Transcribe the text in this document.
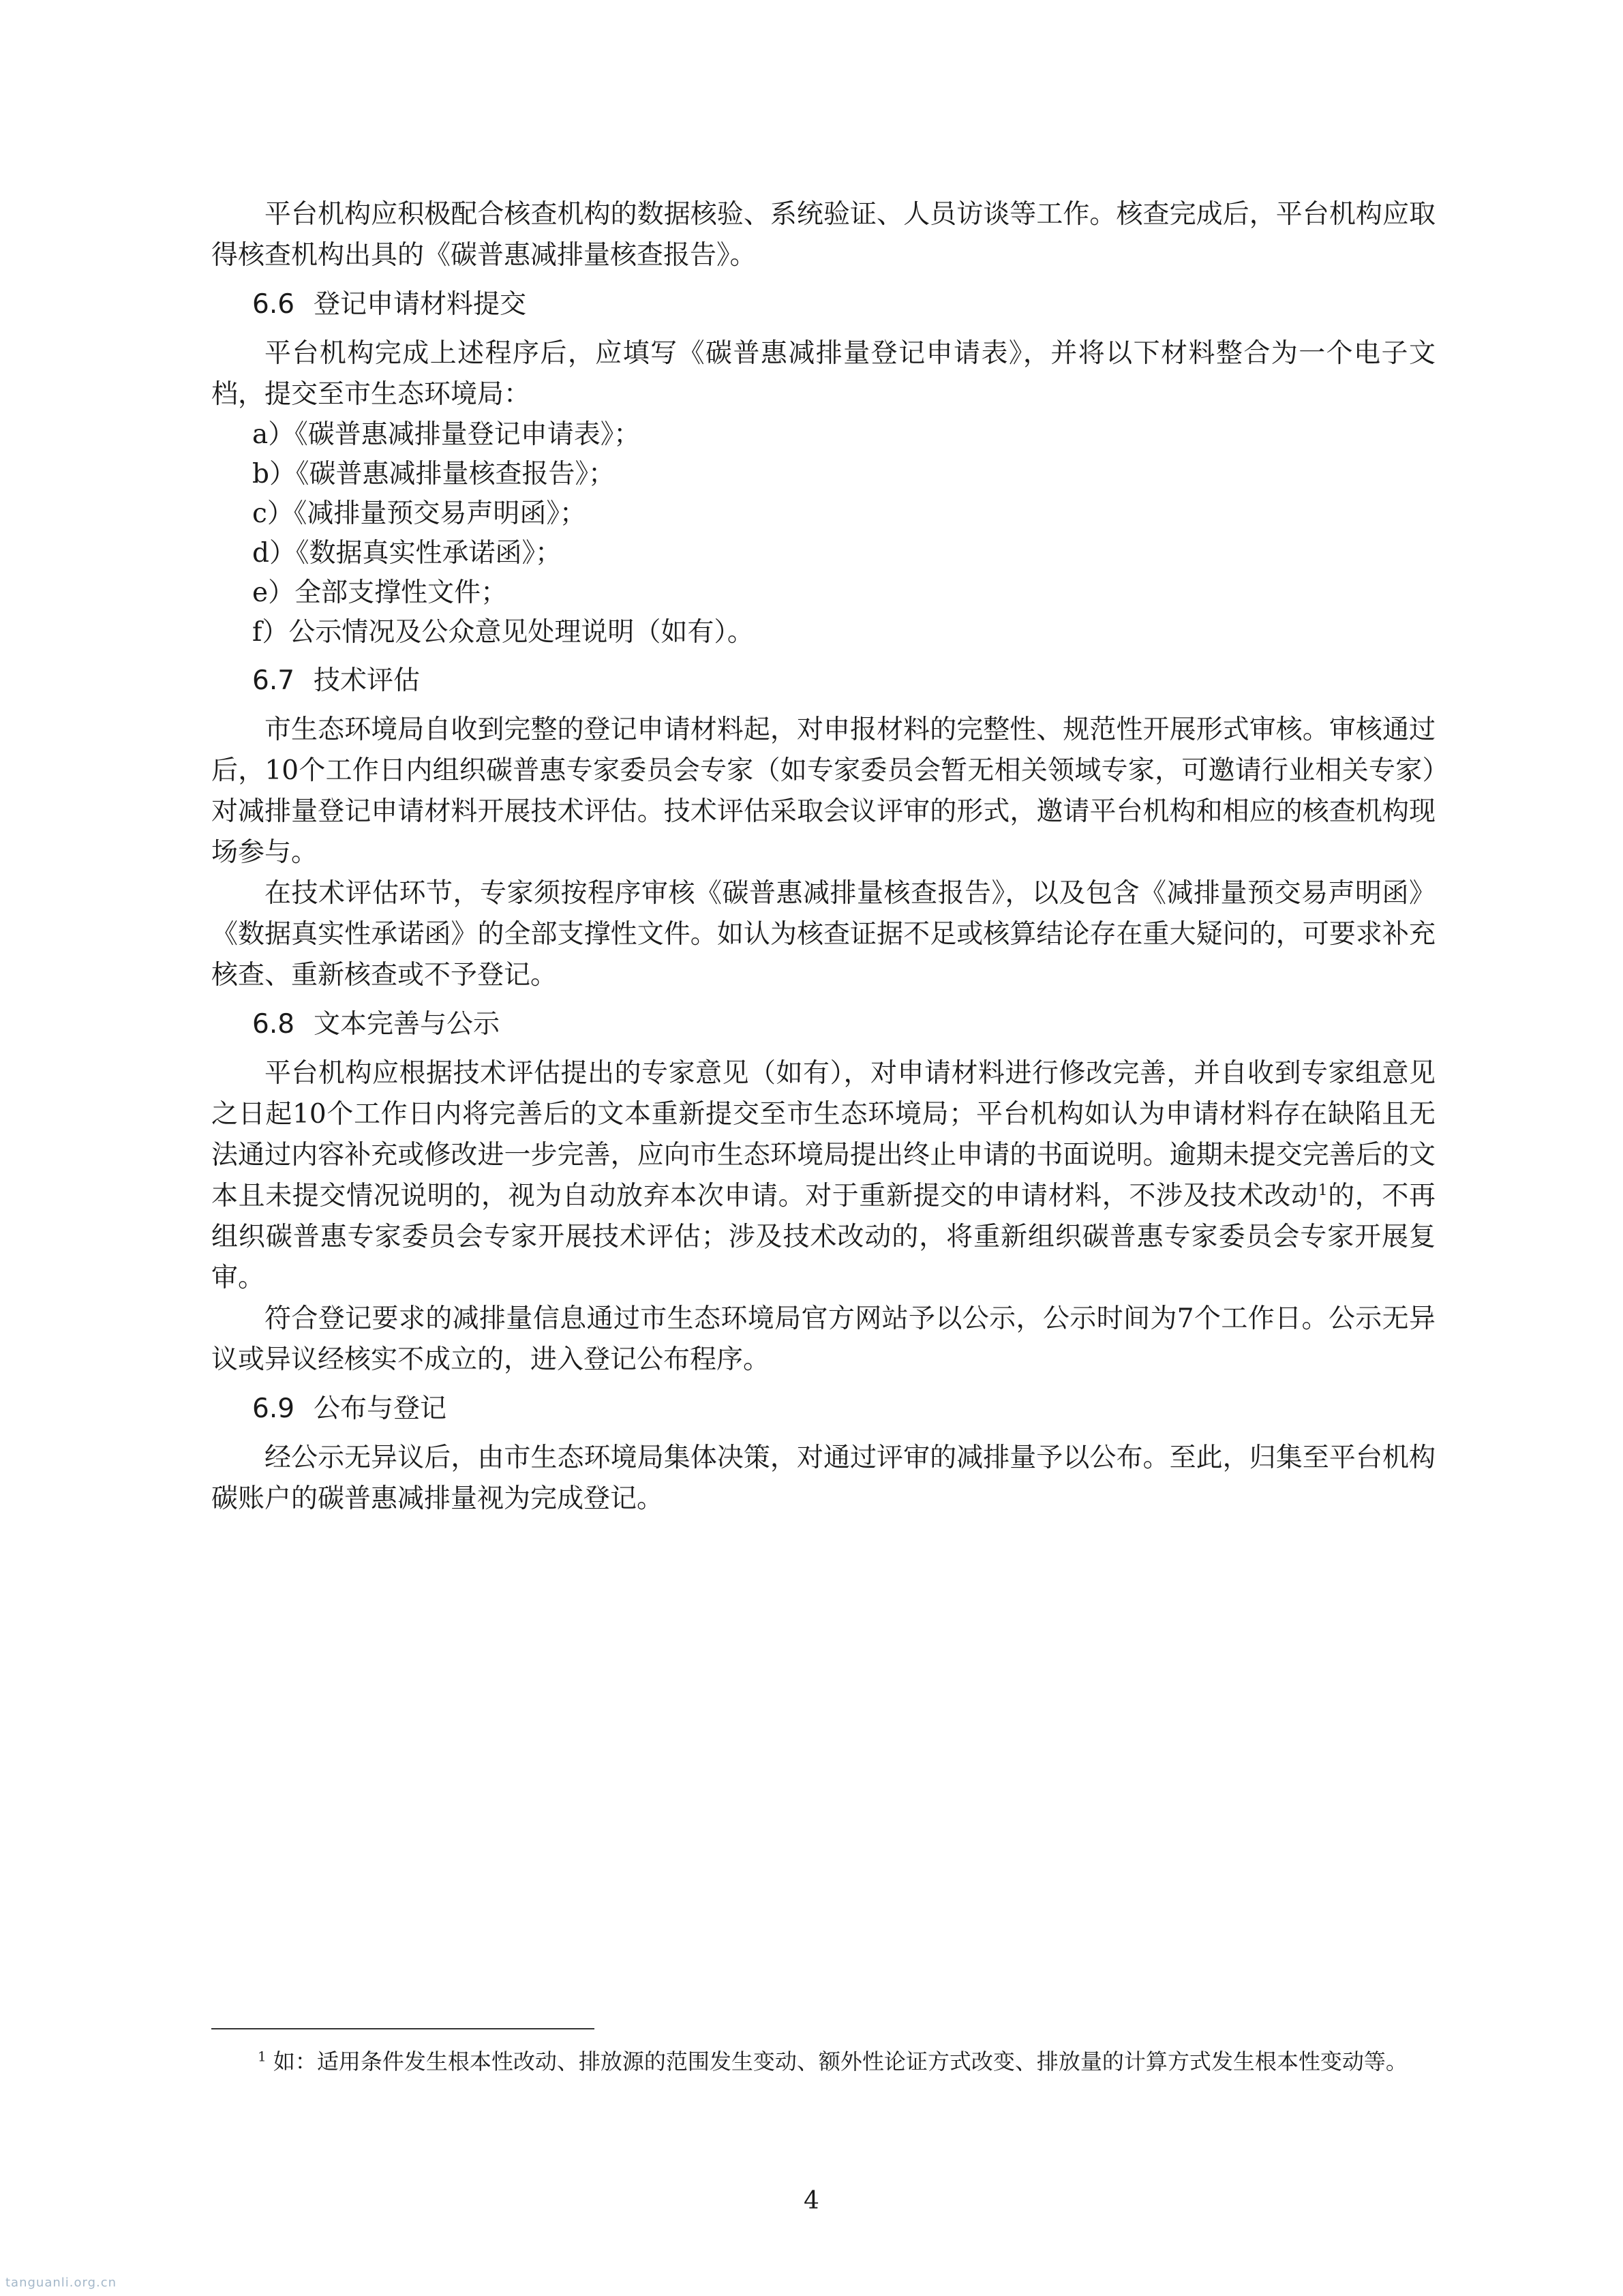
平台机构应积极配合核查机构的数据核验、系统验证、人员访谈等工作。核查完成后，平台机构应取得核查机构出具的《碳普惠减排量核查报告》。

6.6 登记申请材料提交

平台机构完成上述程序后，应填写《碳普惠减排量登记申请表》，并将以下材料整合为一个电子文档，提交至市生态环境局：

a）《碳普惠减排量登记申请表》；

b）《碳普惠减排量核查报告》；

c）《减排量预交易声明函》；

d）《数据真实性承诺函》；

e）全部支撑性文件；

f）公示情况及公众意见处理说明（如有）。

6.7 技术评估

市生态环境局自收到完整的登记申请材料起，对申报材料的完整性、规范性开展形式审核。审核通过后，10个工作日内组织碳普惠专家委员会专家（如专家委员会暂无相关领域专家，可邀请行业相关专家）对减排量登记申请材料开展技术评估。技术评估采取会议评审的形式，邀请平台机构和相应的核查机构现场参与。

在技术评估环节，专家须按程序审核《碳普惠减排量核查报告》，以及包含《减排量预交易声明函》《数据真实性承诺函》的全部支撑性文件。如认为核查证据不足或核算结论存在重大疑问的，可要求补充核查、重新核查或不予登记。

6.8 文本完善与公示

平台机构应根据技术评估提出的专家意见（如有），对申请材料进行修改完善，并自收到专家组意见之日起10个工作日内将完善后的文本重新提交至市生态环境局；平台机构如认为申请材料存在缺陷且无法通过内容补充或修改进一步完善，应向市生态环境局提出终止申请的书面说明。逾期未提交完善后的文本且未提交情况说明的，视为自动放弃本次申请。对于重新提交的申请材料，不涉及技术改动$^1$的，不再组织碳普惠专家委员会专家开展技术评估；涉及技术改动的，将重新组织碳普惠专家委员会专家开展复审。

符合登记要求的减排量信息通过市生态环境局官方网站予以公示，公示时间为7个工作日。公示无异议或异议经核实不成立的，进入登记公布程序。

6.9 公布与登记

经公示无异议后，由市生态环境局集体决策，对通过评审的减排量予以公布。至此，归集至平台机构碳账户的碳普惠减排量视为完成登记。

$^1$ 如：适用条件发生根本性改动、排放源的范围发生变动、额外性论证方式改变、排放量的计算方式发生根本性变动等。

4
tanguanli.org.cn
